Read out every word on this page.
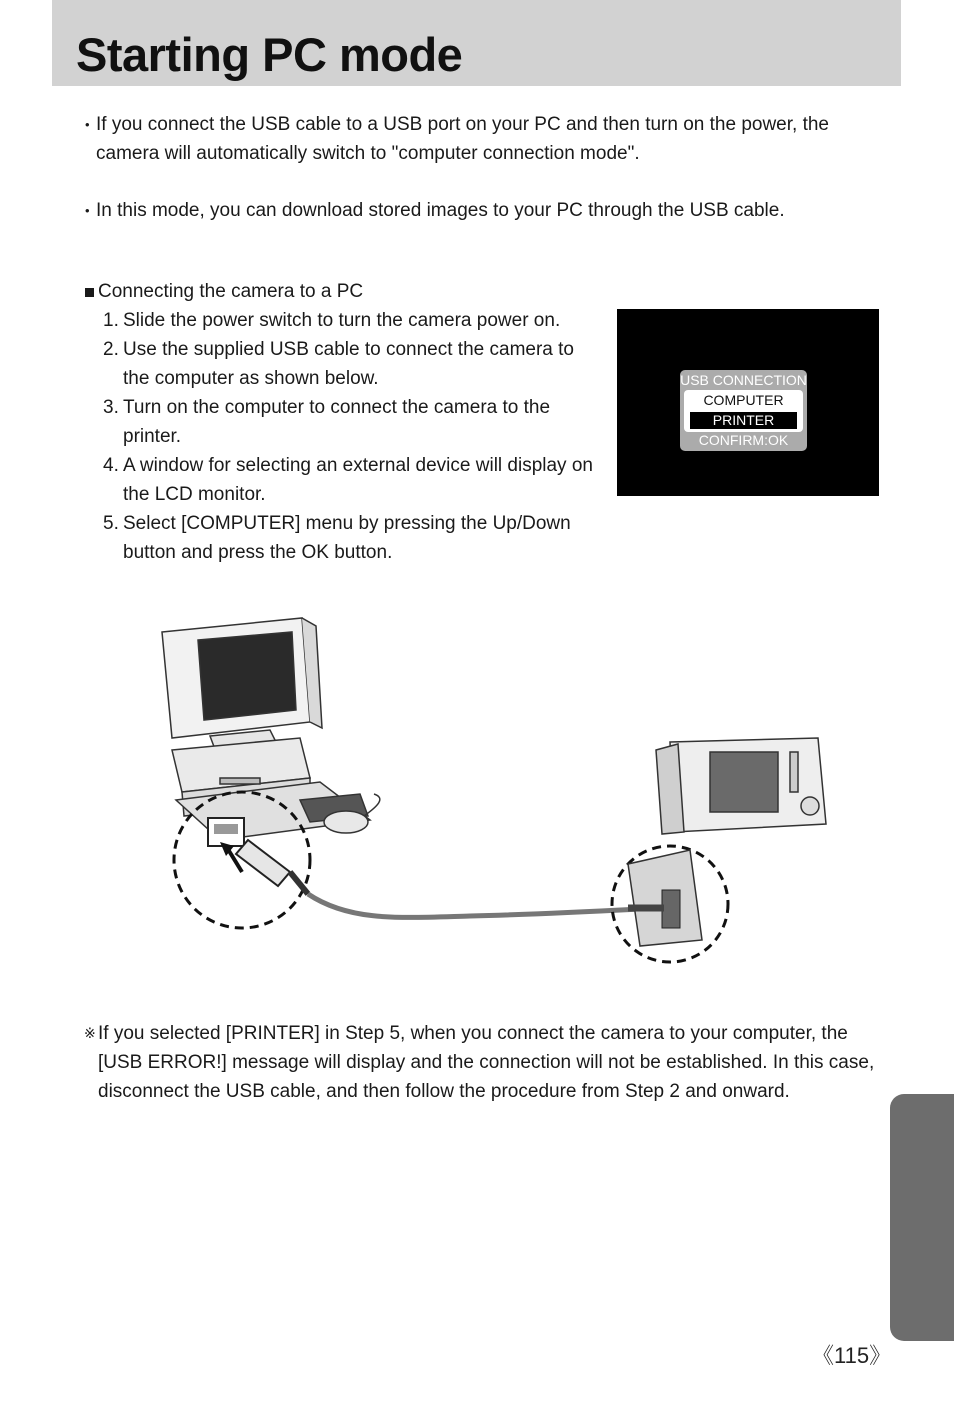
Starting PC mode
• If you connect the USB cable to a USB port on your PC and then turn on the power, the camera will automatically switch to "computer connection mode".
• In this mode, you can download stored images to your PC through the USB cable.
Connecting the camera to a PC
1. Slide the power switch to turn the camera power on.
2. Use the supplied USB cable to connect the camera to the computer as shown below.
3. Turn on the computer to connect the camera to the printer.
4. A window for selecting an external device will display on the LCD monitor.
5. Select [COMPUTER] menu by pressing the Up/Down button and press the OK button.
USB CONNECTION
COMPUTER
PRINTER
CONFIRM:OK

※ If you selected [PRINTER] in Step 5, when you connect the camera to your computer, the [USB ERROR!] message will display and the connection will not be established. In this case, disconnect the USB cable, and then follow the procedure from Step 2 and onward.

《115》
